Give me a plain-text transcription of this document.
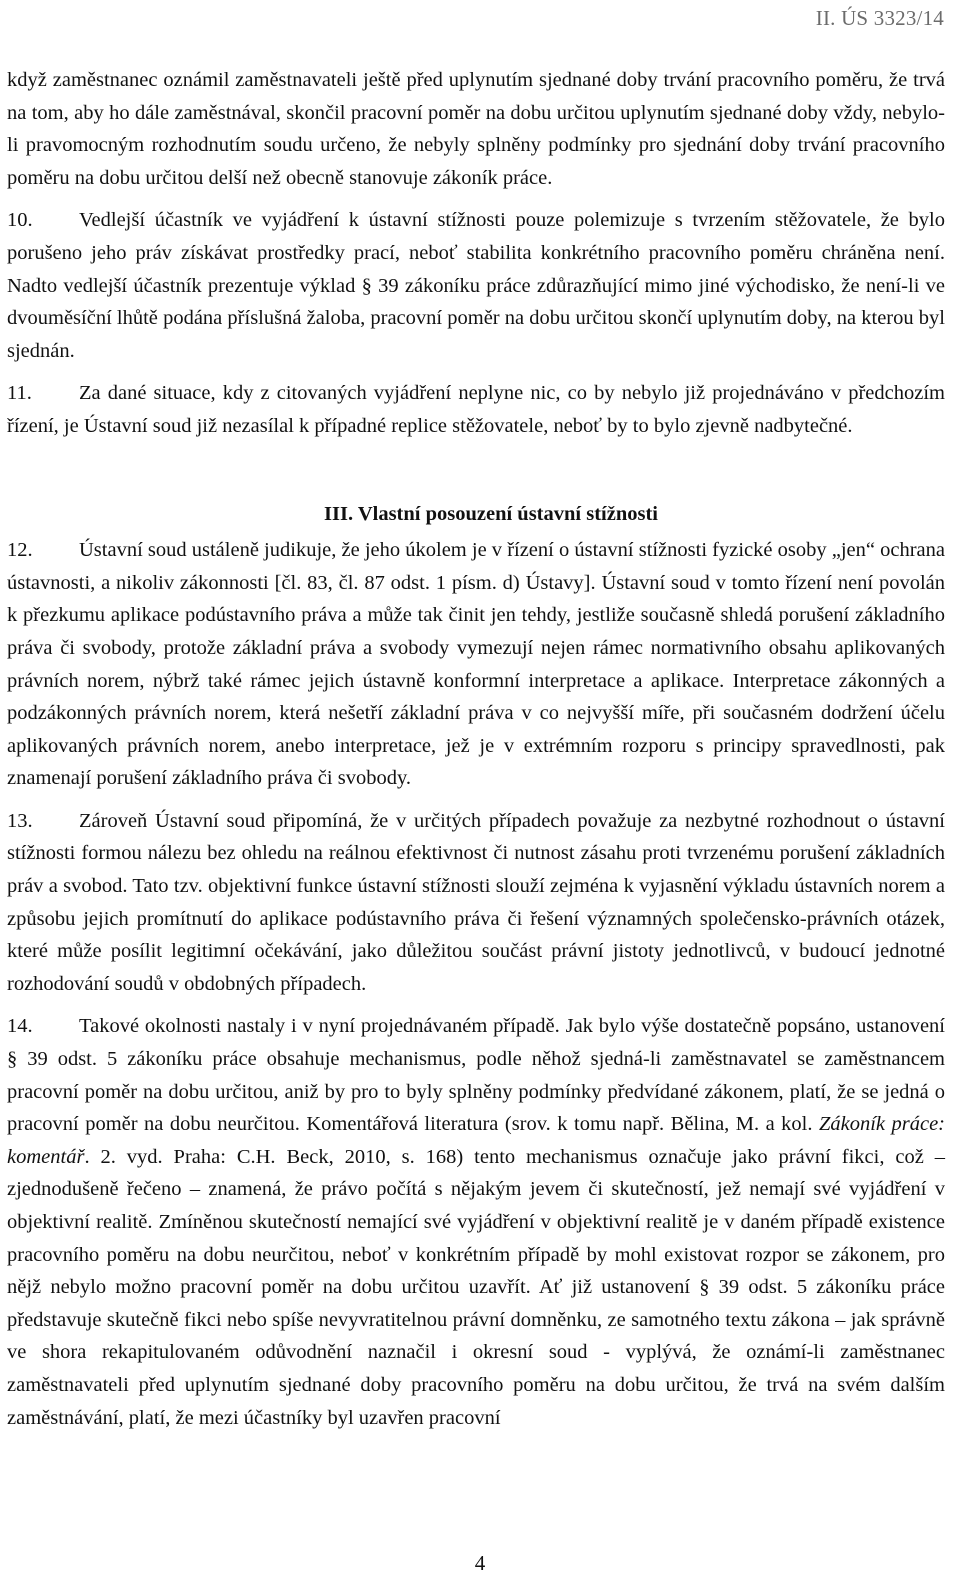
II. ÚS 3323/14

když zaměstnanec oznámil zaměstnavateli ještě před uplynutím sjednané doby trvání pracovního poměru, že trvá na tom, aby ho dále zaměstnával, skončil pracovní poměr na dobu určitou uplynutím sjednané doby vždy, nebylo-li pravomocným rozhodnutím soudu určeno, že nebyly splněny podmínky pro sjednání doby trvání pracovního poměru na dobu určitou delší než obecně stanovuje zákoník práce.

10. Vedlejší účastník ve vyjádření k ústavní stížnosti pouze polemizuje s tvrzením stěžovatele, že bylo porušeno jeho práv získávat prostředky prací, neboť stabilita konkrétního pracovního poměru chráněna není. Nadto vedlejší účastník prezentuje výklad § 39 zákoníku práce zdůrazňující mimo jiné východisko, že není-li ve dvouměsíční lhůtě podána příslušná žaloba, pracovní poměr na dobu určitou skončí uplynutím doby, na kterou byl sjednán.

11. Za dané situace, kdy z citovaných vyjádření neplyne nic, co by nebylo již projednáváno v předchozím řízení, je Ústavní soud již nezasílal k případné replice stěžovatele, neboť by to bylo zjevně nadbytečné.

III. Vlastní posouzení ústavní stížnosti

12. Ústavní soud ustáleně judikuje, že jeho úkolem je v řízení o ústavní stížnosti fyzické osoby „jen“ ochrana ústavnosti, a nikoliv zákonnosti [čl. 83, čl. 87 odst. 1 písm. d) Ústavy]. Ústavní soud v tomto řízení není povolán k přezkumu aplikace podústavního práva a může tak činit jen tehdy, jestliže současně shledá porušení základního práva či svobody, protože základní práva a svobody vymezují nejen rámec normativního obsahu aplikovaných právních norem, nýbrž také rámec jejich ústavně konformní interpretace a aplikace. Interpretace zákonných a podzákonných právních norem, která nešetří základní práva v co nejvyšší míře, při současném dodržení účelu aplikovaných právních norem, anebo interpretace, jež je v extrémním rozporu s principy spravedlnosti, pak znamenají porušení základního práva či svobody.

13. Zároveň Ústavní soud připomíná, že v určitých případech považuje za nezbytné rozhodnout o ústavní stížnosti formou nálezu bez ohledu na reálnou efektivnost či nutnost zásahu proti tvrzenému porušení základních práv a svobod. Tato tzv. objektivní funkce ústavní stížnosti slouží zejména k vyjasnění výkladu ústavních norem a způsobu jejich promítnutí do aplikace podústavního práva či řešení významných společensko-právních otázek, které může posílit legitimní očekávání, jako důležitou součást právní jistoty jednotlivců, v budoucí jednotné rozhodování soudů v obdobných případech.

14. Takové okolnosti nastaly i v nyní projednávaném případě. Jak bylo výše dostatečně popsáno, ustanovení § 39 odst. 5 zákoníku práce obsahuje mechanismus, podle něhož sjedná-li zaměstnavatel se zaměstnancem pracovní poměr na dobu určitou, aniž by pro to byly splněny podmínky předvídané zákonem, platí, že se jedná o pracovní poměr na dobu neurčitou. Komentářová literatura (srov. k tomu např. Bělina, M. a kol. Zákoník práce: komentář. 2. vyd. Praha: C.H. Beck, 2010, s. 168) tento mechanismus označuje jako právní fikci, což – zjednodušeně řečeno – znamená, že právo počítá s nějakým jevem či skutečností, jež nemají své vyjádření v objektivní realitě. Zmíněnou skutečností nemající své vyjádření v objektivní realitě je v daném případě existence pracovního poměru na dobu neurčitou, neboť v konkrétním případě by mohl existovat rozpor se zákonem, pro nějž nebylo možno pracovní poměr na dobu určitou uzavřít. Ať již ustanovení § 39 odst. 5 zákoníku práce představuje skutečně fikci nebo spíše nevyvratitelnou právní domněnku, ze samotného textu zákona – jak správně ve shora rekapitulovaném odůvodnění naznačil i okresní soud - vyplývá, že oznámí-li zaměstnanec zaměstnavateli před uplynutím sjednané doby pracovního poměru na dobu určitou, že trvá na svém dalším zaměstnávání, platí, že mezi účastníky byl uzavřen pracovní

4
